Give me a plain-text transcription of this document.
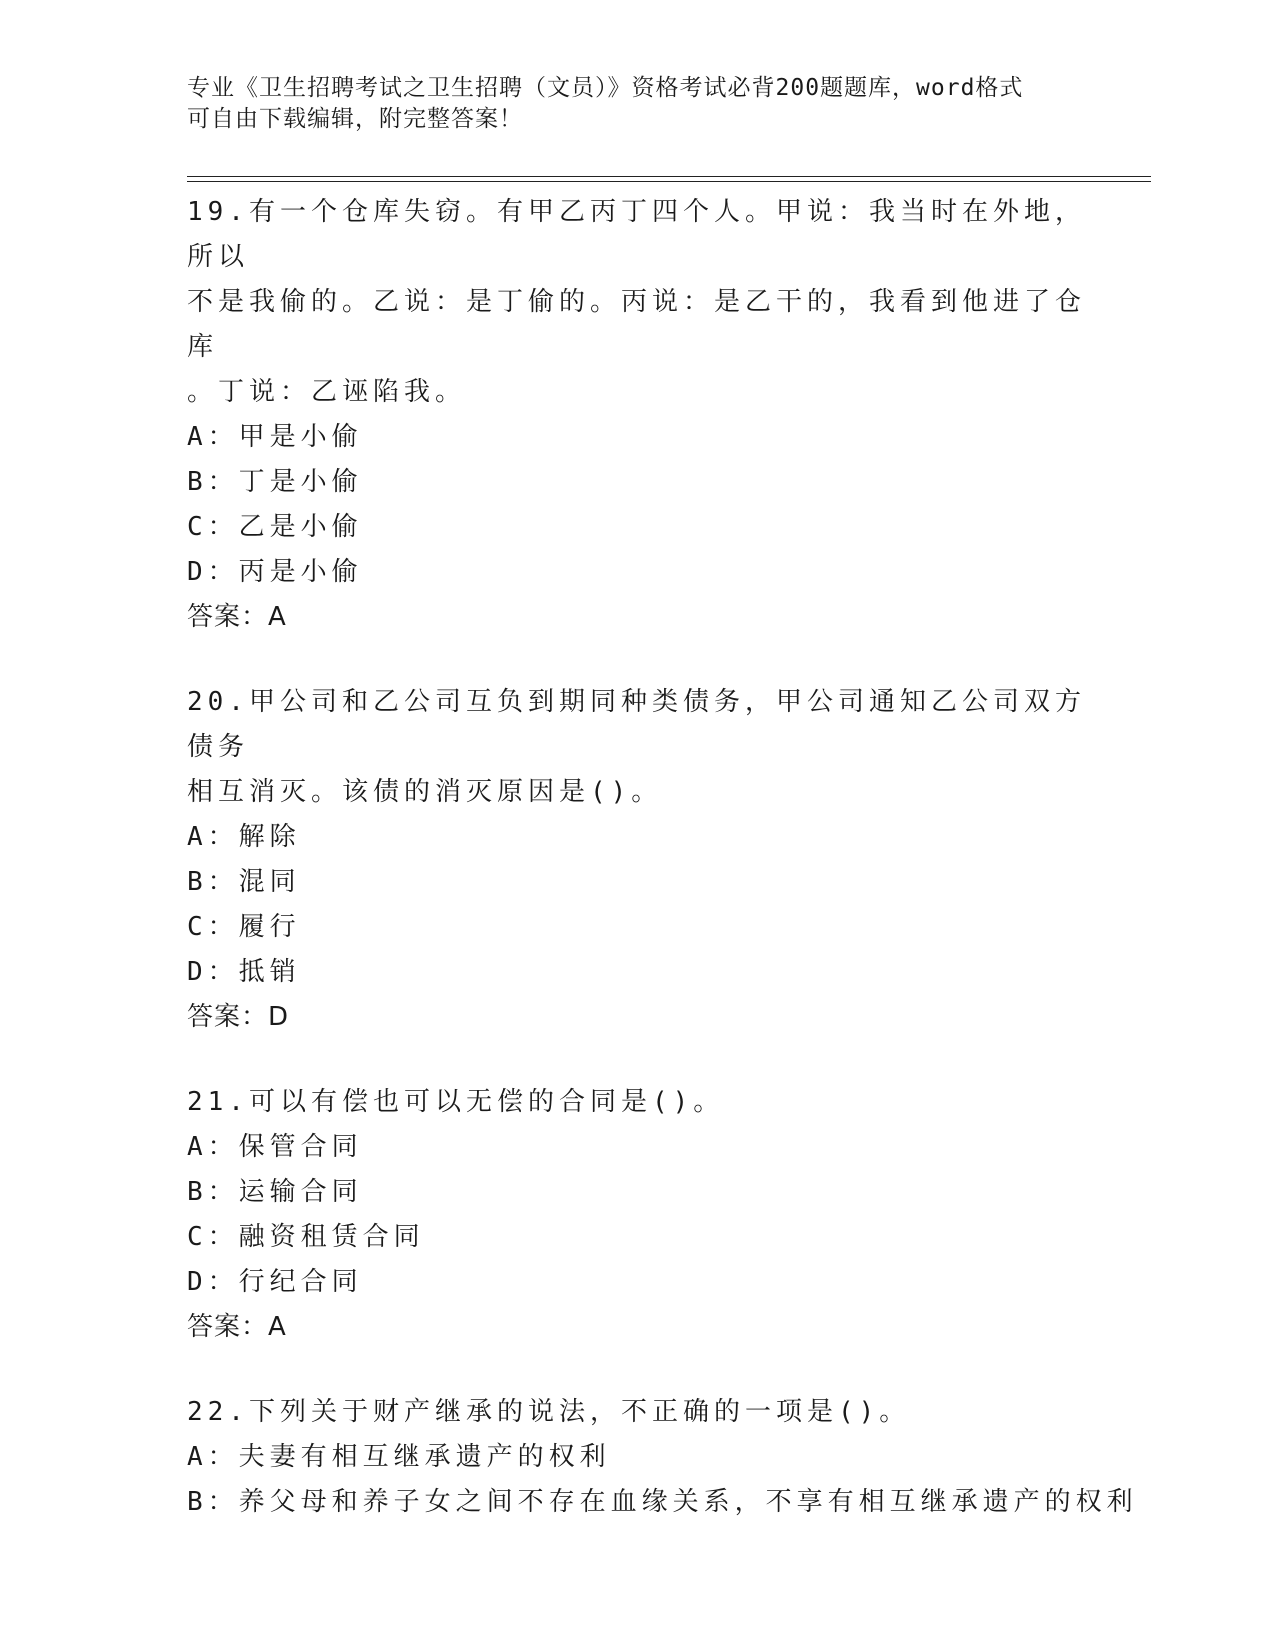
专业《卫生招聘考试之卫生招聘（文员）》资格考试必背200题题库，word格式
可自由下载编辑，附完整答案！
19.有一个仓库失窃。有甲乙丙丁四个人。甲说：我当时在外地，所以
不是我偷的。乙说：是丁偷的。丙说：是乙干的，我看到他进了仓库
。丁说：乙诬陷我。
A：甲是小偷
B：丁是小偷
C：乙是小偷
D：丙是小偷
答案：A
20.甲公司和乙公司互负到期同种类债务，甲公司通知乙公司双方债务
相互消灭。该债的消灭原因是()。
A：解除
B：混同
C：履行
D：抵销
答案：D
21.可以有偿也可以无偿的合同是()。
A：保管合同
B：运输合同
C：融资租赁合同
D：行纪合同
答案：A
22.下列关于财产继承的说法，不正确的一项是()。
A：夫妻有相互继承遗产的权利
B：养父母和养子女之间不存在血缘关系，不享有相互继承遗产的权利
